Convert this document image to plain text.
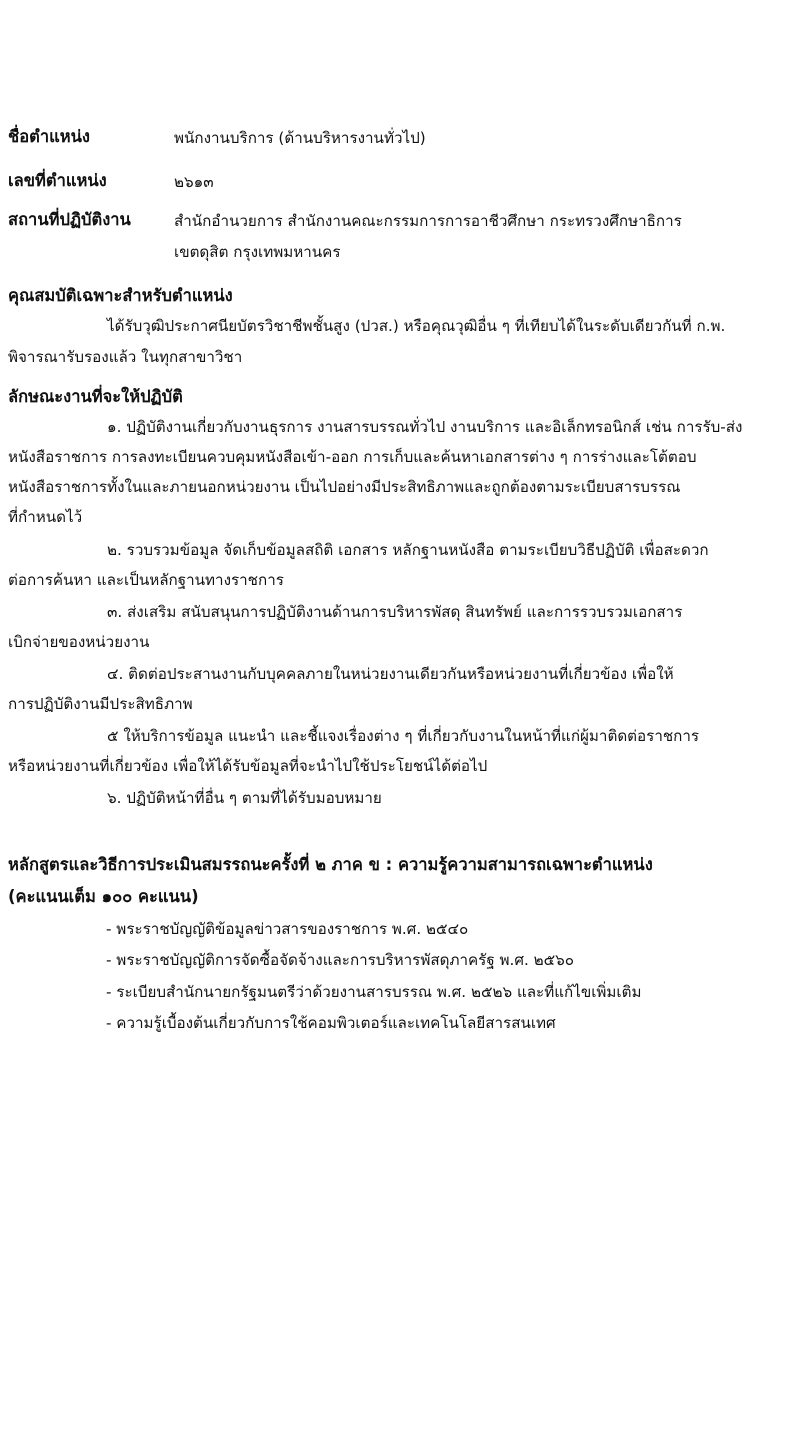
ชื่อตำแหน่ง	พนักงานบริการ (ด้านบริหารงานทั่วไป)
เลขที่ตำแหน่ง	๒๖๑๓
สถานที่ปฏิบัติงาน	สำนักอำนวยการ สำนักงานคณะกรรมการการอาชีวศึกษา กระทรวงศึกษาธิการ
เขตดุสิต กรุงเทพมหานคร
คุณสมบัติเฉพาะสำหรับตำแหน่ง
ได้รับวุฒิประกาศนียบัตรวิชาชีพชั้นสูง (ปวส.) หรือคุณวุฒิอื่น ๆ ที่เทียบได้ในระดับเดียวกันที่ ก.พ.
พิจารณารับรองแล้ว ในทุกสาขาวิชา
ลักษณะงานที่จะให้ปฏิบัติ
๑. ปฏิบัติงานเกี่ยวกับงานธุรการ งานสารบรรณทั่วไป งานบริการ และอิเล็กทรอนิกส์ เช่น การรับ-ส่ง
หนังสือราชการ การลงทะเบียนควบคุมหนังสือเข้า-ออก การเก็บและค้นหาเอกสารต่าง ๆ การร่างและโต้ตอบ
หนังสือราชการทั้งในและภายนอกหน่วยงาน เป็นไปอย่างมีประสิทธิภาพและถูกต้องตามระเบียบสารบรรณ
ที่กำหนดไว้
๒. รวบรวมข้อมูล จัดเก็บข้อมูลสถิติ เอกสาร หลักฐานหนังสือ ตามระเบียบวิธีปฏิบัติ เพื่อสะดวก
ต่อการค้นหา และเป็นหลักฐานทางราชการ
๓. ส่งเสริม สนับสนุนการปฏิบัติงานด้านการบริหารพัสดุ สินทรัพย์ และการรวบรวมเอกสาร
เบิกจ่ายของหน่วยงาน
๔. ติดต่อประสานงานกับบุคคลภายในหน่วยงานเดียวกันหรือหน่วยงานที่เกี่ยวข้อง เพื่อให้
การปฏิบัติงานมีประสิทธิภาพ
๕ ให้บริการข้อมูล แนะนำ และชี้แจงเรื่องต่าง ๆ ที่เกี่ยวกับงานในหน้าที่แก่ผู้มาติดต่อราชการ
หรือหน่วยงานที่เกี่ยวข้อง เพื่อให้ได้รับข้อมูลที่จะนำไปใช้ประโยชน์ได้ต่อไป
๖. ปฏิบัติหน้าที่อื่น ๆ ตามที่ได้รับมอบหมาย
หลักสูตรและวิธีการประเมินสมรรถนะครั้งที่ ๒ ภาค ข : ความรู้ความสามารถเฉพาะตำแหน่ง
(คะแนนเต็ม ๑๐๐ คะแนน)
- พระราชบัญญัติข้อมูลข่าวสารของราชการ พ.ศ. ๒๕๔๐
- พระราชบัญญัติการจัดซื้อจัดจ้างและการบริหารพัสดุภาครัฐ พ.ศ. ๒๕๖๐
- ระเบียบสำนักนายกรัฐมนตรีว่าด้วยงานสารบรรณ พ.ศ. ๒๕๒๖ และที่แก้ไขเพิ่มเติม
- ความรู้เบื้องต้นเกี่ยวกับการใช้คอมพิวเตอร์และเทคโนโลยีสารสนเทศ
